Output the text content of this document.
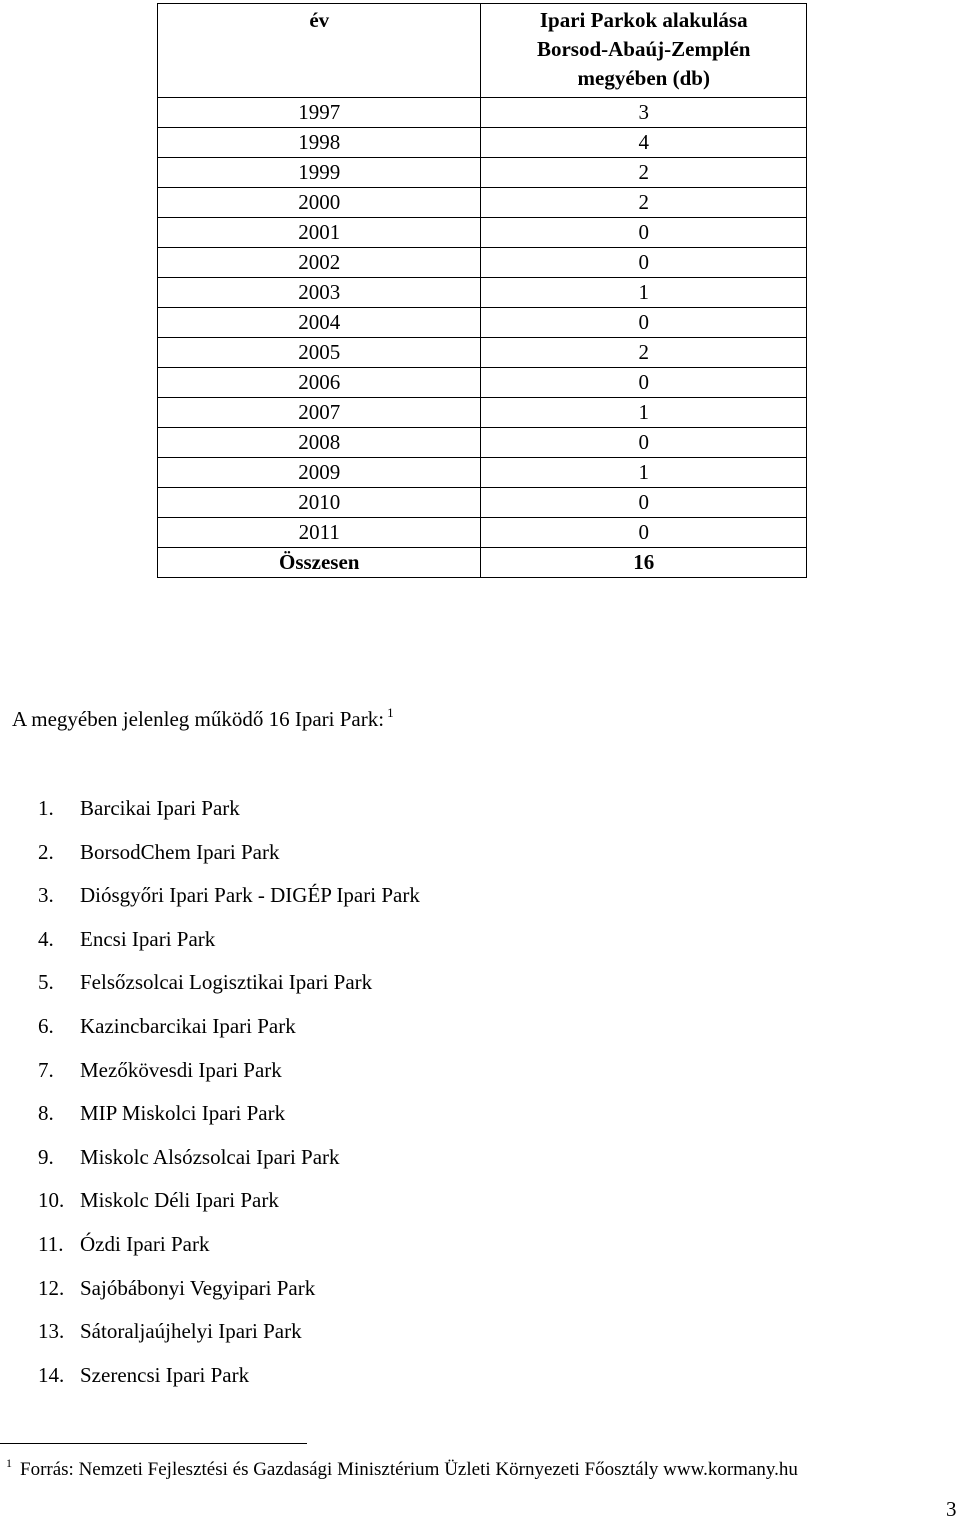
év	Ipari Parkok alakulása
Borsod-Abaúj-Zemplén
megyében (db)

1997	3
1998	4
1999	2
2000	2
2001	0
2002	0
2003	1
2004	0
2005	2
2006	0
2007	1
2008	0
2009	1
2010	0
2011	0
Összesen	16
A megyében jelenleg működő 16 Ipari Park: $^1$
1. Barcikai Ipari Park
2. BorsodChem Ipari Park
3. Diósgyőri Ipari Park - DIGÉP Ipari Park
4. Encsi Ipari Park
5. Felsőzsolcai Logisztikai Ipari Park
6. Kazincbarcikai Ipari Park
7. Mezőkövesdi Ipari Park
8. MIP Miskolci Ipari Park
9. Miskolc Alsózsolcai Ipari Park
10. Miskolc Déli Ipari Park
11. Ózdi Ipari Park
12. Sajóbábonyi Vegyipari Park
13. Sátoraljaújhelyi Ipari Park
14. Szerencsi Ipari Park
$^1$ Forrás: Nemzeti Fejlesztési és Gazdasági Minisztérium Üzleti Környezeti Főosztály www.kormany.hu
3
